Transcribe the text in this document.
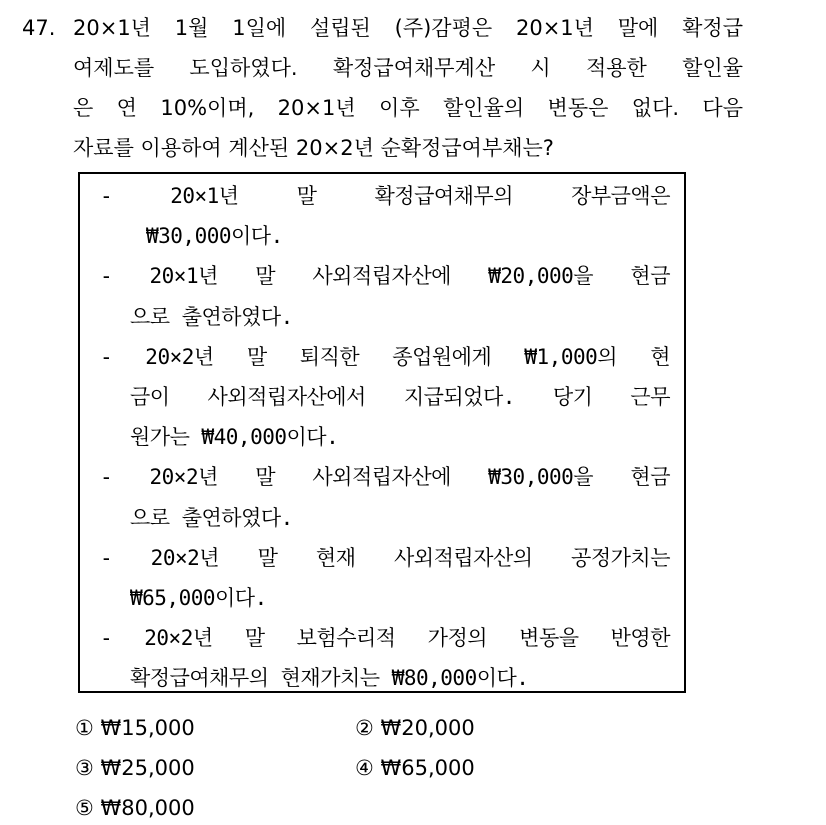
47. 20×1년 1월 1일에 설립된 (주)감평은 20×1년 말에 확정급
여제도를 도입하였다. 확정급여채무계산 시 적용한 할인율
은 연 10%이며, 20×1년 이후 할인율의 변동은 없다. 다음
자료를 이용하여 계산된 20×2년 순확정급여부채는?
- 20×1년 말 확정급여채무의 장부금액은
₩30,000이다.
- 20×1년 말 사외적립자산에 ₩20,000을 현금
으로 출연하였다.
- 20×2년 말 퇴직한 종업원에게 ₩1,000의 현
금이 사외적립자산에서 지급되었다. 당기 근무
원가는 ₩40,000이다.
- 20×2년 말 사외적립자산에 ₩30,000을 현금
으로 출연하였다.
- 20×2년 말 현재 사외적립자산의 공정가치는
₩65,000이다.
- 20×2년 말 보험수리적 가정의 변동을 반영한
확정급여채무의 현재가치는 ₩80,000이다.
① ₩15,000	② ₩20,000
③ ₩25,000	④ ₩65,000
⑤ ₩80,000
